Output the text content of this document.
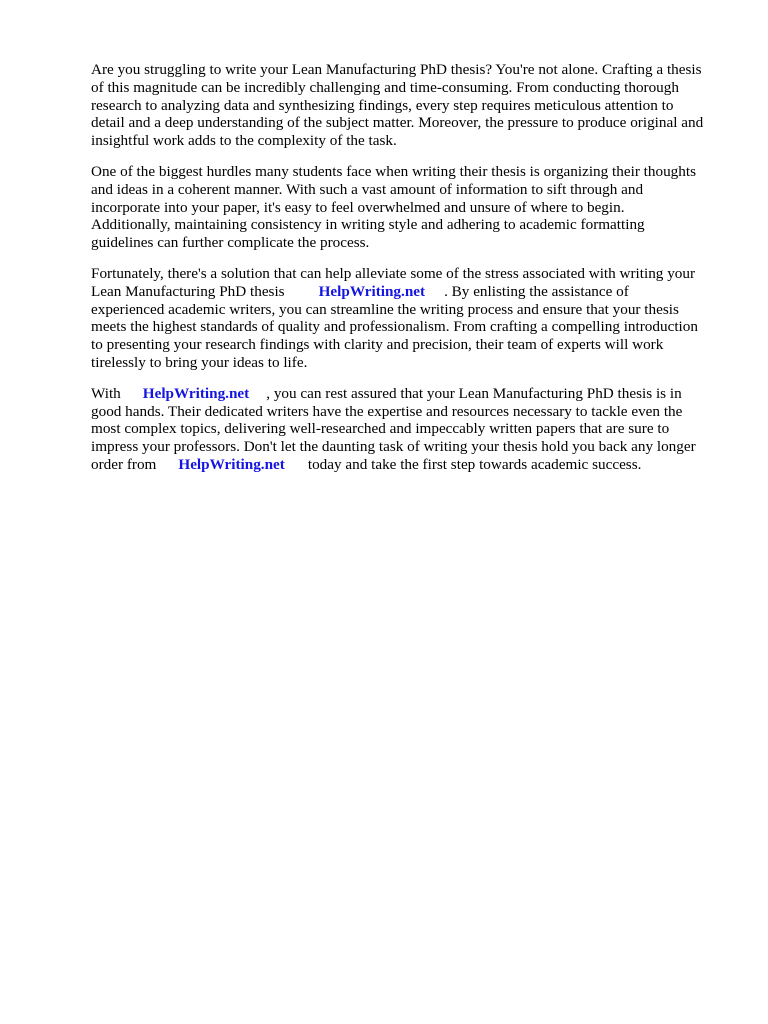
Are you struggling to write your Lean Manufacturing PhD thesis? You're not alone. Crafting a thesis
of this magnitude can be incredibly challenging and time-consuming. From conducting thorough
research to analyzing data and synthesizing findings, every step requires meticulous attention to
detail and a deep understanding of the subject matter. Moreover, the pressure to produce original and
insightful work adds to the complexity of the task.
One of the biggest hurdles many students face when writing their thesis is organizing their thoughts
and ideas in a coherent manner. With such a vast amount of information to sift through and
incorporate into your paper, it's easy to feel overwhelmed and unsure of where to begin.
Additionally, maintaining consistency in writing style and adhering to academic formatting
guidelines can further complicate the process.
Fortunately, there's a solution that can help alleviate some of the stress associated with writing your
Lean Manufacturing PhD thesis HelpWriting.net . By enlisting the assistance of
experienced academic writers, you can streamline the writing process and ensure that your thesis
meets the highest standards of quality and professionalism. From crafting a compelling introduction
to presenting your research findings with clarity and precision, their team of experts will work
tirelessly to bring your ideas to life.
With HelpWriting.net , you can rest assured that your Lean Manufacturing PhD thesis is in
good hands. Their dedicated writers have the expertise and resources necessary to tackle even the
most complex topics, delivering well-researched and impeccably written papers that are sure to
impress your professors. Don't let the daunting task of writing your thesis hold you back any longer
order from HelpWriting.net today and take the first step towards academic success.
